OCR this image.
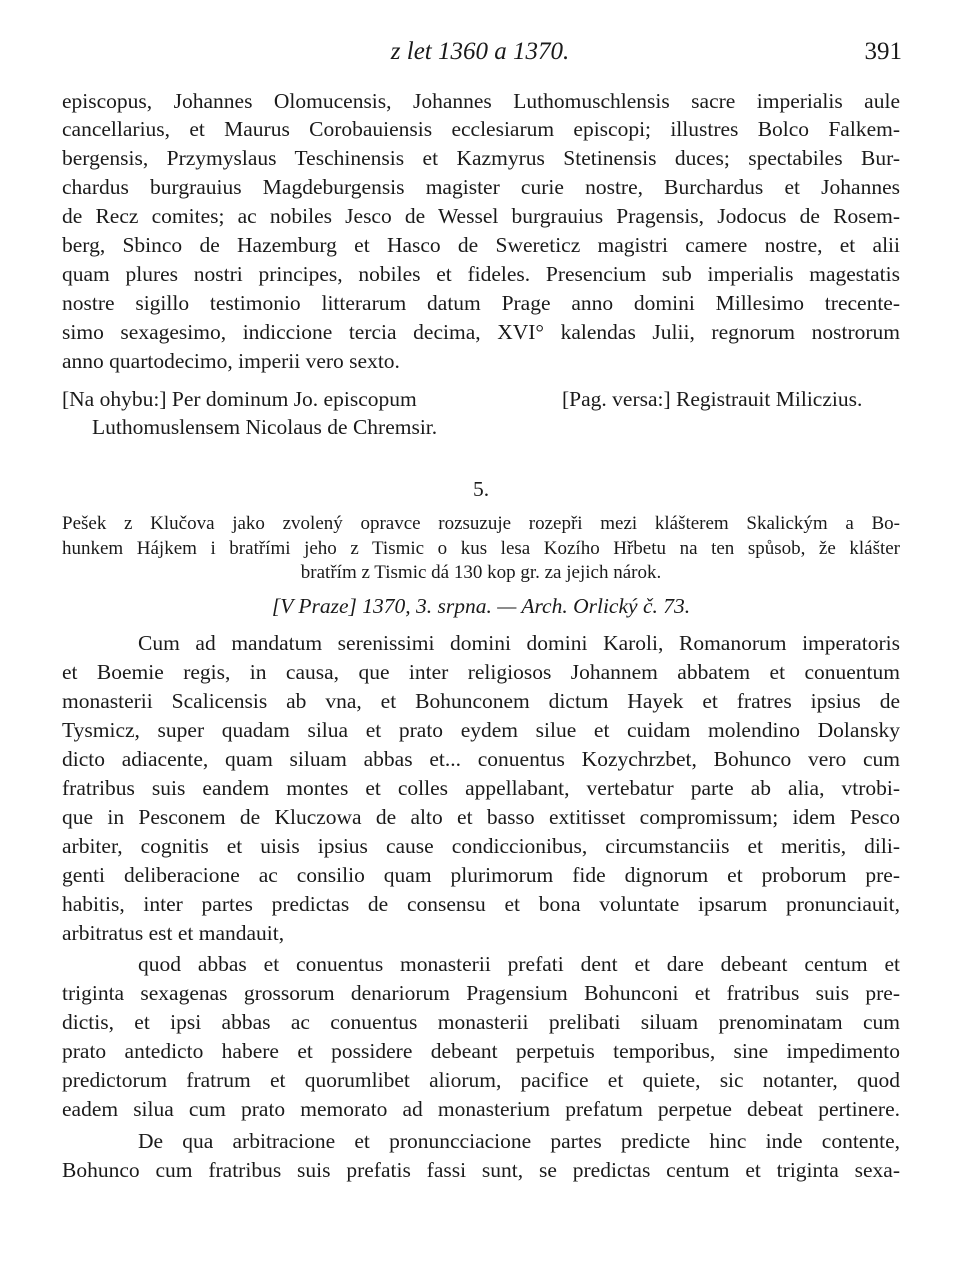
z let 1360 a 1370.	391
episcopus, Johannes Olomucensis, Johannes Luthomuschlensis sacre imperialis aule
cancellarius, et Maurus Corobauiensis ecclesiarum episcopi; illustres Bolco Falkem-
bergensis, Przymyslaus Teschinensis et Kazmyrus Stetinensis duces; spectabiles Bur-
chardus burgrauius Magdeburgensis magister curie nostre, Burchardus et Johannes
de Recz comites; ac nobiles Jesco de Wessel burgrauius Pragensis, Jodocus de Rosem-
berg, Sbinco de Hazemburg et Hasco de Swereticz magistri camere nostre, et alii
quam plures nostri principes, nobiles et fideles. Presencium sub imperialis magestatis
nostre sigillo testimonio litterarum datum Prage anno domini Millesimo trecente-
simo sexagesimo, indiccione tercia decima, XVI° kalendas Julii, regnorum nostrorum
anno quartodecimo, imperii vero sexto.
[Na ohybu:] Per dominum Jo. episcopum
Luthomuslensem Nicolaus de Chremsir.
[Pag. versa:] Registrauit Miliczius.
5.
Pešek z Klučova jako zvolený opravce rozsuzuje rozepři mezi klášterem Skalickým a Bo-
hunkem Hájkem i bratřími jeho z Tismic o kus lesa Kozího Hřbetu na ten spůsob, že klášter
bratřím z Tismic dá 130 kop gr. za jejich nárok.
[V Praze] 1370, 3. srpna. — Arch. Orlický č. 73.
Cum ad mandatum serenissimi domini domini Karoli, Romanorum imperatoris
et Boemie regis, in causa, que inter religiosos Johannem abbatem et conuentum
monasterii Scalicensis ab vna, et Bohunconem dictum Hayek et fratres ipsius de
Tysmicz, super quadam silua et prato eydem silue et cuidam molendino Dolansky
dicto adiacente, quam siluam abbas et... conuentus Kozychrzbet, Bohunco vero cum
fratribus suis eandem montes et colles appellabant, vertebatur parte ab alia, vtrobi-
que in Pesconem de Kluczowa de alto et basso extitisset compromissum; idem Pesco
arbiter, cognitis et uisis ipsius cause condiccionibus, circumstanciis et meritis, dili-
genti deliberacione ac consilio quam plurimorum fide dignorum et proborum pre-
habitis, inter partes predictas de consensu et bona voluntate ipsarum pronunciauit,
arbitratus est et mandauit,
quod abbas et conuentus monasterii prefati dent et dare debeant centum et
triginta sexagenas grossorum denariorum Pragensium Bohunconi et fratribus suis pre-
dictis, et ipsi abbas ac conuentus monasterii prelibati siluam prenominatam cum
prato antedicto habere et possidere debeant perpetuis temporibus, sine impedimento
predictorum fratrum et quorumlibet aliorum, pacifice et quiete, sic notanter, quod
eadem silua cum prato memorato ad monasterium prefatum perpetue debeat pertinere.
De qua arbitracione et pronuncciacione partes predicte hinc inde contente,
Bohunco cum fratribus suis prefatis fassi sunt, se predictas centum et triginta sexa-
